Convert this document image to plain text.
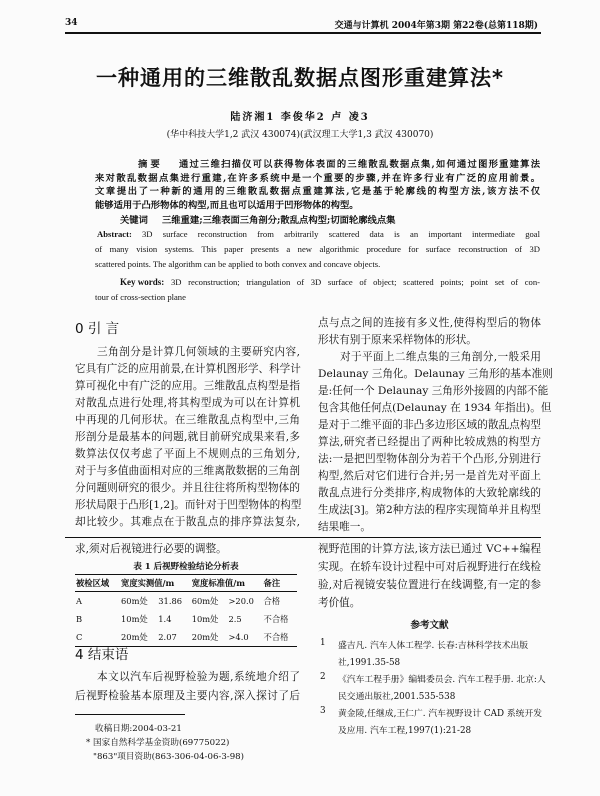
34	交通与计算机 2004年第3期 第22卷(总第118期)
一种通用的三维散乱数据点图形重建算法*
陆济湘1 李俊华2 卢 凌3
(华中科技大学1,2 武汉 430074)(武汉理工大学1,3 武汉 430070)
摘 要 通过三维扫描仪可以获得物体表面的三维散乱数据点集,如何通过图形重建算法
来对散乱数据点集进行重建,在许多系统中是一个重要的步骤,并在许多行业有广泛的应用前景。
文章提出了一种新的通用的三维散乱数据点重建算法,它是基于轮廓线的构型方法,该方法不仅
能够适用于凸形物体的构型,而且也可以适用于凹形物体的构型。
关键词 三维重建;三维表面三角剖分;散乱点构型;切面轮廓线点集
Abstract: 3D surface reconstruction from arbitrarily scattered data is an important intermediate goal
of many vision systems. This paper presents a new algorithmic procedure for surface reconstruction of 3D
scattered points. The algorithm can be applied to both convex and concave objects.
Key words: 3D reconstruction; triangulation of 3D surface of object; scattered points; point set of con-
tour of cross-section plane
0 引 言
三角剖分是计算几何领域的主要研究内容,
它具有广泛的应用前景,在计算机图形学、科学计
算可视化中有广泛的应用。三维散乱点构型是指
对散乱点进行处理,将其构型成为可以在计算机
中再现的几何形状。在三维散乱点构型中,三角
形剖分是最基本的问题,就目前研究成果来看,多
数算法仅仅考虑了平面上不规则点的三角划分,
对于与多值曲面相对应的三维离散数据的三角剖
分问题则研究的很少。并且往往将所构型物体的
形状局限于凸形[1,2]。而针对于凹型物体的构型
却比较少。其难点在于散乱点的排序算法复杂,
点与点之间的连接有多义性,使得构型后的物体
形状有别于原来采样物体的形状。
对于平面上二维点集的三角剖分,一般采用
Delaunay 三角化。Delaunay 三角形的基本准则
是:任何一个 Delaunay 三角形外接圆的内部不能
包含其他任何点(Delaunay 在 1934 年指出)。但
是对于二维平面的非凸多边形区域的散乱点构型
算法,研究者已经提出了两种比较成熟的构型方
法:一是把凹型物体剖分为若干个凸形,分别进行
构型,然后对它们进行合并;另一是首先对平面上
散乱点进行分类排序,构成物体的大致轮廓线的
生成法[3]。第2种方法的程序实现简单并且构型
结果唯一。
求,须对后视镜进行必要的调整。
表 1 后视野检验结论分析表
被检区域	宽度实测值/m		宽度标准值/m		备注
A	60m处	31.86	60m处	>20.0	合格
B	10m处	1.4	10m处	2.5	不合格
C	20m处	2.07	20m处	>4.0	不合格
4 结束语
本文以汽车后视野检验为题,系统地介绍了
后视野检验基本原理及主要内容,深入探讨了后
收稿日期:2004-03-21
* 国家自然科学基金资助(69775022)
"863"项目资助(863-306-04-06-3-98)
视野范围的计算方法,该方法已通过 VC++编程
实现。在轿车设计过程中可对后视野进行在线检
验,对后视镜安装位置进行在线调整,有一定的参
考价值。
参考文献
1 盛吉凡. 汽车人体工程学. 长春:吉林科学技术出版
社,1991.35-58
2 《汽车工程手册》编辑委员会. 汽车工程手册. 北京:人
民交通出版社,2001.535-538
3 黄金陵,任继成,王仁广. 汽车视野设计 CAD 系统开发
及应用. 汽车工程,1997(1):21-28
